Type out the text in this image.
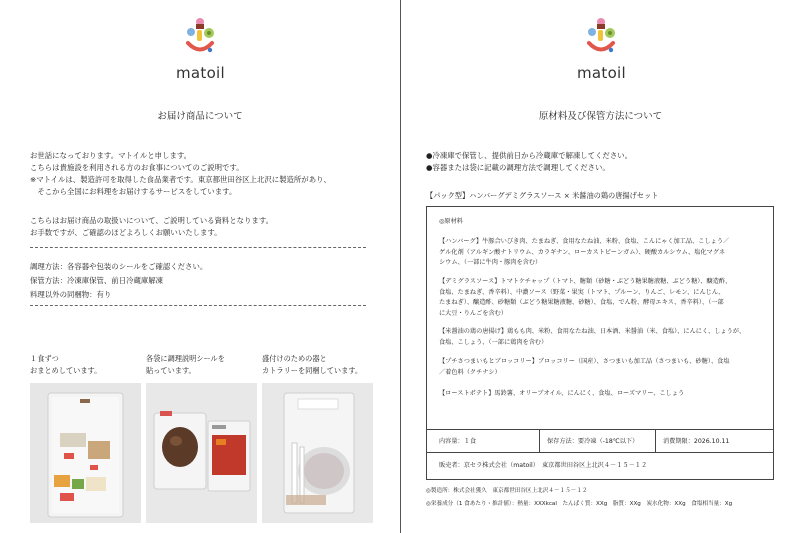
matoil
お届け商品について
お世話になっております。マトイルと申します。
こちらは貴施設を利用される方のお食事についてのご説明です。
※マトイルは、製造許可を取得した食品業者です。東京都世田谷区上北沢に製造所があり、
　そこから全国にお料理をお届けするサービスをしています。
こちらはお届け商品の取扱いについて、ご説明している資料となります。
お手数ですが、ご確認のほどよろしくお願いいたします。
調理方法：各容器や包装のシールをご確認ください。
保管方法：冷凍庫保管、前日冷蔵庫解凍
料理以外の同梱物：有り
１食ずつ
おまとめしています。
各袋に調理説明シールを
貼っています。
盛付けのための器と
カトラリーを同梱しています。
matoil
原材料及び保管方法について
●冷凍庫で保管し、提供前日から冷蔵庫で解凍してください。
●容器または袋に記載の調理方法で調理してください。
【パック型】ハンバーグデミグラスソース × 米醤油の鶏の唐揚げセット
◎原材料
【ハンバーグ】牛豚合いびき肉、たまねぎ、食用なたね油、米粉、食塩、こんにゃく加工品、こしょう／
ゲル化剤（アルギン酸ナトリウム、カラギナン、ローカストビーンガム）、硬酸カルシウム、塩化マグネ
シウム、（一部に牛肉・豚肉を含む）
【デミグラスソース】トマトケチャップ（トマト、糖類（砂糖・ぶどう糖果糖液糖、ぶどう糖）、醸造酢、
食塩、たまねぎ、香辛料）、中濃ソース（野菜・果実（トマト、プルーン、りんご、レモン、にんじん、
たまねぎ）、醸造酢、砂糖類（ぶどう糖果糖液糖、砂糖）、食塩、でん粉、酵母エキス、香辛料）、（一部
に大豆・りんごを含む）
【米醤油の鶏の唐揚げ】鶏もも肉、米粉、食用なたね油、日本酒、米醤油（米、食塩）、にんにく、しょうが、
食塩、こしょう、（一部に鶏肉を含む）
【プチさつまいもとブロッコリー】ブロッコリー（国産）、さつまいも加工品（さつまいも、砂糖）、食塩
／着色料（クチナシ）
【ローストポテト】馬鈴薯、オリーブオイル、にんにく、食塩、ローズマリー、こしょう
内容量：１食	保存方法：要冷凍（-18℃以下）	消費期限：2026.10.11
販売者：京セラ株式会社（matoil）　東京都世田谷区上北沢４－１５－１２
◎製造所：株式会社獲久　東京都世田谷区上北沢４－１５－１２
◎栄養成分（1 食あたり・推計値）：熱量：XXXkcal　たんぱく質：XXg　脂質：XXg　炭水化物：XXg　食塩相当量：Xg
